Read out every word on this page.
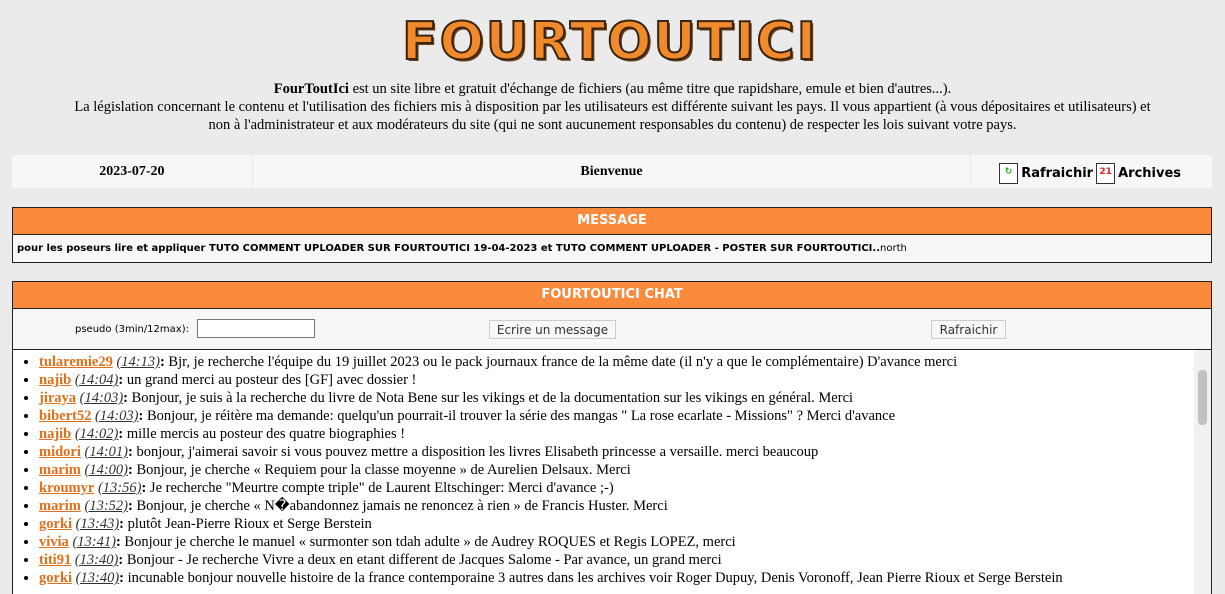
FOURTOUTICI
FourToutIci est un site libre et gratuit d'échange de fichiers (au même titre que rapidshare, emule et bien d'autres...).
La législation concernant le contenu et l'utilisation des fichiers mis à disposition par les utilisateurs est différente suivant les pays. Il vous appartient (à vous dépositaires et utilisateurs) et
non à l'administrateur et aux modérateurs du site (qui ne sont aucunement responsables du contenu) de respecter les lois suivant votre pays.
2023-07-20	Bienvenue	↻ Rafraichir 21 Archives
MESSAGE
pour les poseurs lire et appliquer TUTO COMMENT UPLOADER SUR FOURTOUTICI 19-04-2023 et TUTO COMMENT UPLOADER - POSTER SUR FOURTOUTICI..north
FOURTOUTICI CHAT
pseudo (3min/12max):	Ecrire un message	Rafraichir
• tularemie29 (14:13): Bjr, je recherche l'équipe du 19 juillet 2023 ou le pack journaux france de la même date (il n'y a que le complémentaire) D'avance merci
• najib (14:04): un grand merci au posteur des [GF] avec dossier !
• jiraya (14:03): Bonjour, je suis à la recherche du livre de Nota Bene sur les vikings et de la documentation sur les vikings en général. Merci
• bibert52 (14:03): Bonjour, je réitère ma demande: quelqu'un pourrait-il trouver la série des mangas " La rose ecarlate - Missions" ? Merci d'avance
• najib (14:02): mille mercis au posteur des quatre biographies !
• midori (14:01): bonjour, j'aimerai savoir si vous pouvez mettre a disposition les livres Elisabeth princesse a versaille. merci beaucoup
• marim (14:00): Bonjour, je cherche « Requiem pour la classe moyenne » de Aurelien Delsaux. Merci
• kroumyr (13:56): Je recherche "Meurtre compte triple" de Laurent Eltschinger: Merci d'avance ;-)
• marim (13:52): Bonjour, je cherche « N�abandonnez jamais ne renoncez à rien » de Francis Huster. Merci
• gorki (13:43): plutôt Jean-Pierre Rioux et Serge Berstein
• vivia (13:41): Bonjour je cherche le manuel « surmonter son tdah adulte » de Audrey ROQUES et Regis LOPEZ, merci
• titi91 (13:40): Bonjour - Je recherche Vivre a deux en etant different de Jacques Salome - Par avance, un grand merci
• gorki (13:40): incunable bonjour nouvelle histoire de la france contemporaine 3 autres dans les archives voir Roger Dupuy, Denis Voronoff, Jean Pierre Rioux et Serge Berstein
